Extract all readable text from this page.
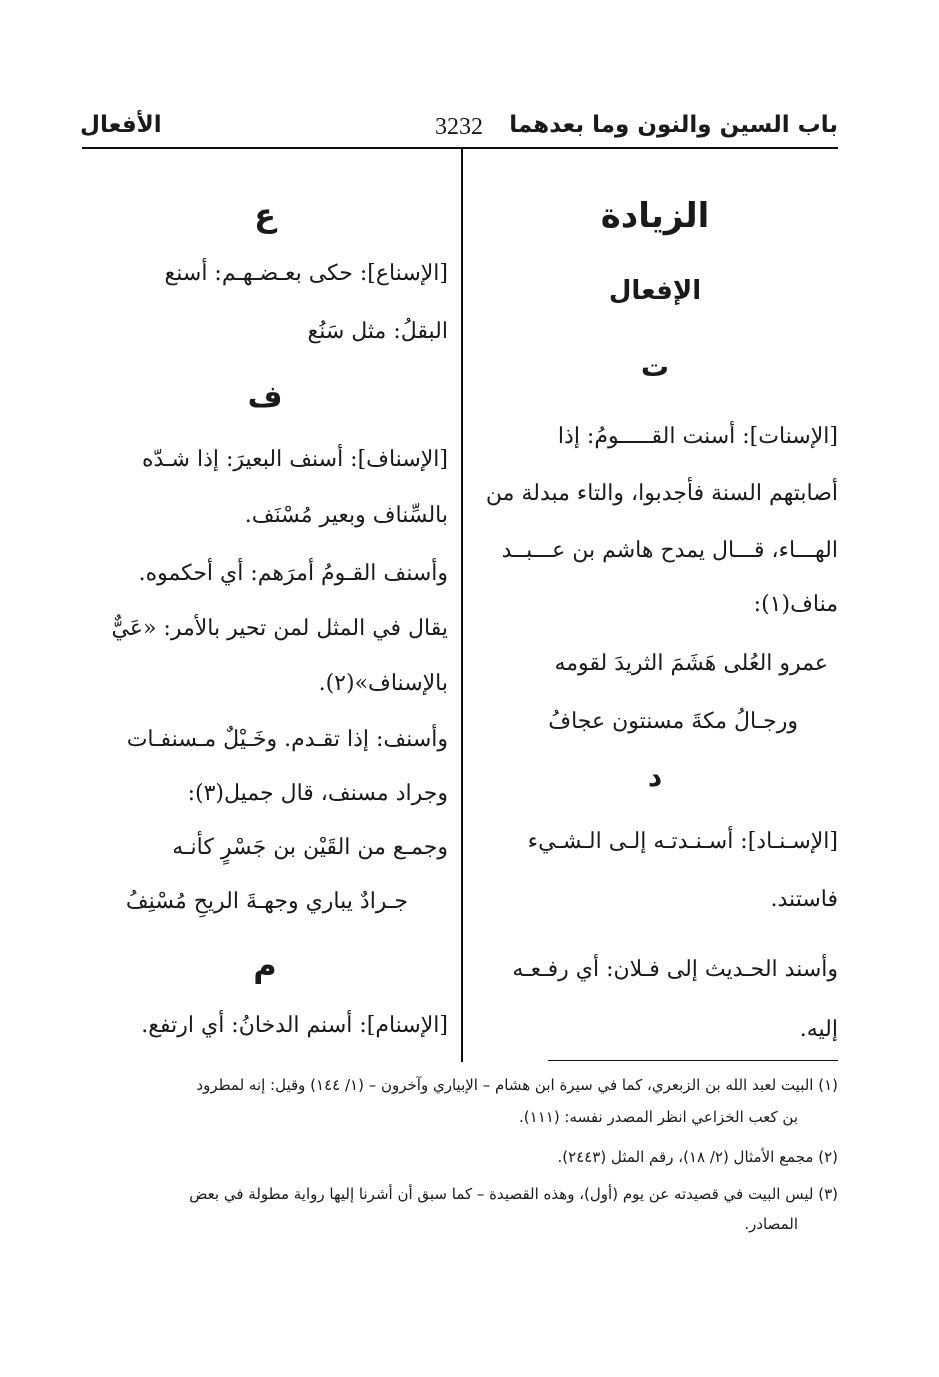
باب السين والنون وما بعدهما
3232
الأفعال
الزيادة
الإفعال
ت
[الإسنات]: أسنت القـــــومُ: إذا
أصابتهم السنة فأجدبوا، والتاء مبدلة من
الهـــاء، قـــال يمدح هاشم بن عـــبــد
مناف(١):
عمرو العُلى هَشَمَ الثريدَ لقومه
ورجـالُ مكةَ مسنتون عجافُ
د
[الإسـنـاد]: أسـنـدتـه إلـى الـشـيء
فاستند.
وأسند الحـديث إلى فـلان: أي رفـعـه
إليه.
ع
[الإسناع]: حكى بعـضـهـم: أسنع
البقلُ: مثل سَنُع
ف
[الإسناف]: أسنف البعيرَ: إذا شـدّه
بالسِّناف وبعير مُسْنَف.
وأسنف القـومُ أمرَهم: أي أحكموه.
يقال في المثل لمن تحير بالأمر: «عَيٌّ
بالإسناف»(٢).
وأسنف: إذا تقـدم. وخَـيْلٌ مـسنفـات
وجراد مسنف، قال جميل(٣):
وجمـع من القَيْن بن جَسْرٍ كأنـه
جـرادٌ يباري وجهـةَ الريحِ مُسْنِفُ
م
[الإسنام]: أسنم الدخانُ: أي ارتفع.
(١) البيت لعبد الله بن الزبعري، كما في سيرة ابن هشام – الإبياري وآخرون – (١/ ١٤٤) وقيل: إنه لمطرود
بن كعب الخزاعي انظر المصدر نفسه: (١١١).
(٢) مجمع الأمثال (٢/ ١٨)، رقم المثل (٢٤٤٣).
(٣) ليس البيت في قصيدته عن يوم (أول)، وهذه القصيدة – كما سبق أن أشرنا إليها رواية مطولة في بعض
المصادر.
